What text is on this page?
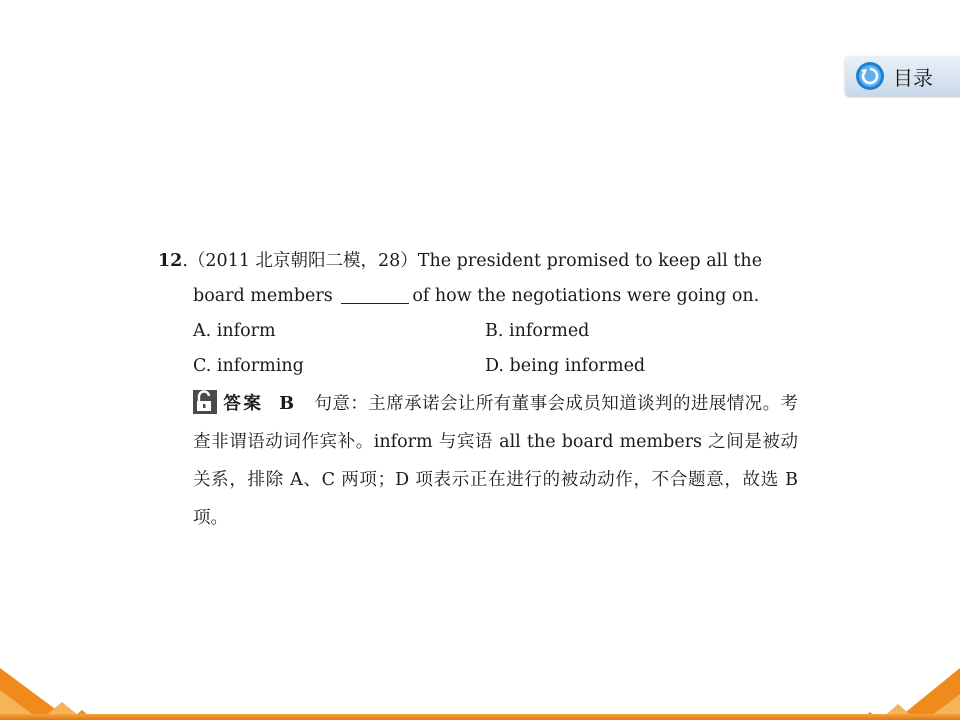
目录
12.（2011 北京朝阳二模，28）The president promised to keep all the
board members	of how the negotiations were going on.
A. inform	B. informed
C. informing	D. being informed
答案 B 句意：主席承诺会让所有董事会成员知道谈判的进展情况。考查非谓语动词作宾补。inform 与宾语 all the board members 之间是被动关系，排除 A、C 两项；D 项表示正在进行的被动动作，不合题意，故选 B 项。
